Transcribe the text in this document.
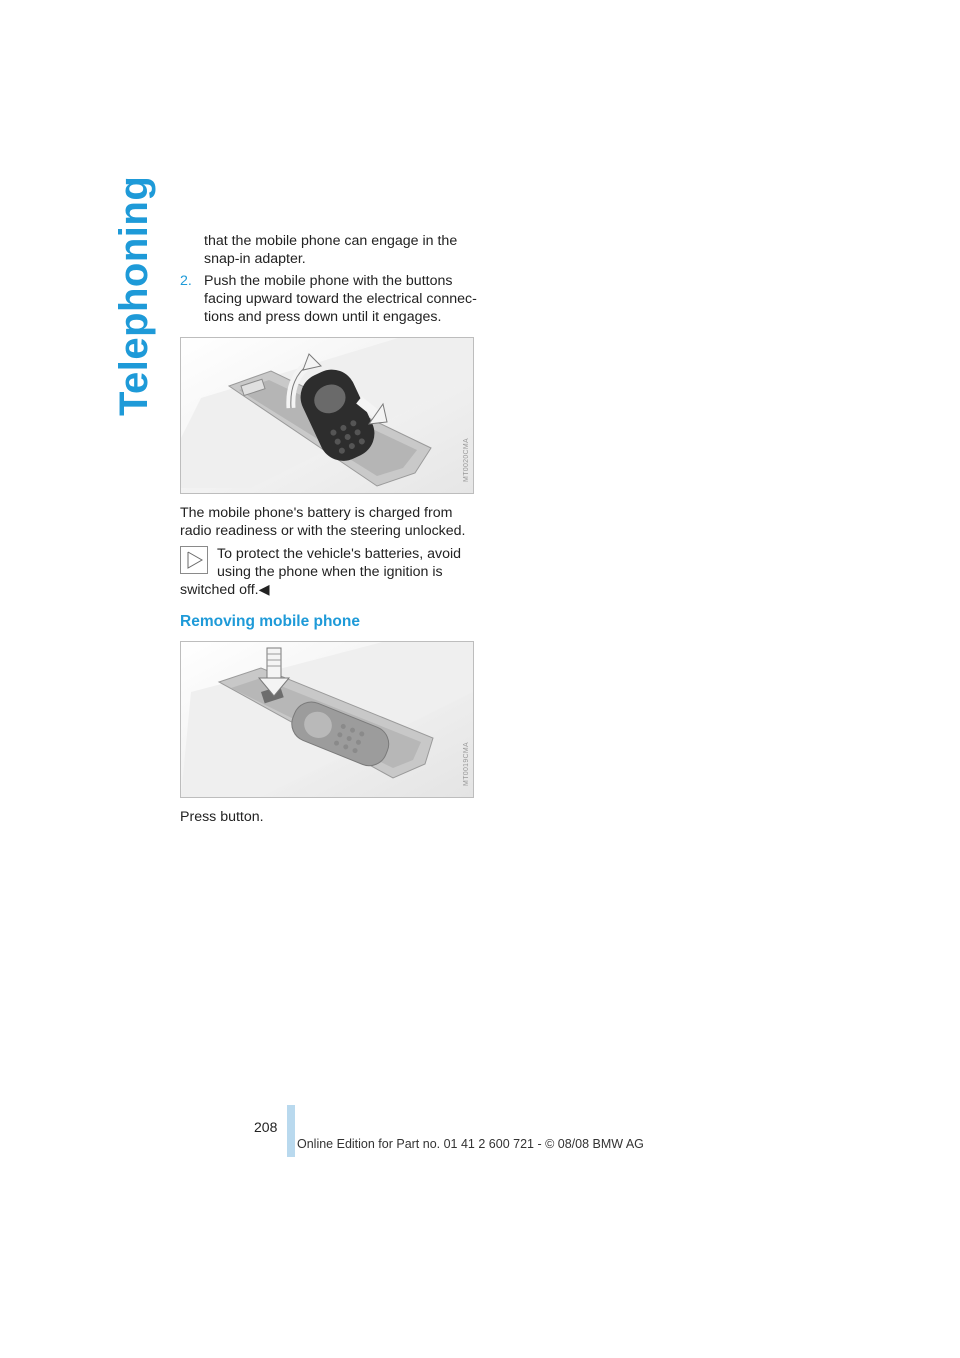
Telephoning	that the mobile phone can engage in the
snap-in adapter.
2. Push the mobile phone with the buttons
facing upward toward the electrical connec-
tions and press down until it engages.
MT0020CMA
The mobile phone's battery is charged from
radio readiness or with the steering unlocked.
To protect the vehicle's batteries, avoid
using the phone when the ignition is
switched off.◀
Removing mobile phone
MT0019CMA
Press button.
208
Online Edition for Part no. 01 41 2 600 721 - © 08/08 BMW AG
